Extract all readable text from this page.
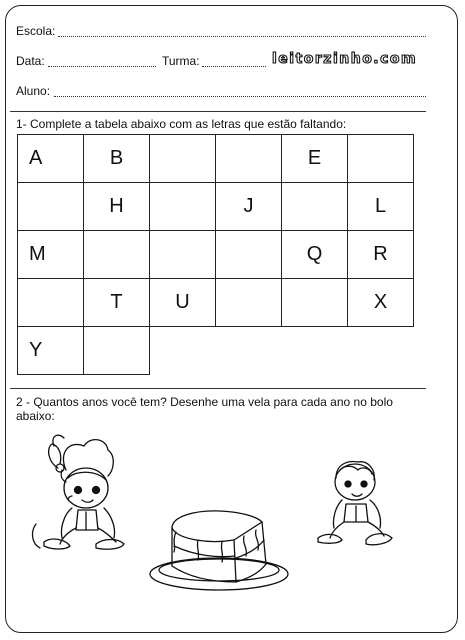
Escola:
Data:	Turma:	leitorzinho.com
Aluno:
1- Complete a tabela abaixo com as letras que estão faltando:
A	B			E	
	H		J		L
M				Q	R
	T	U			X
Y					
2 - Quantos anos você tem? Desenhe uma vela para cada ano no bolo
abaixo:
